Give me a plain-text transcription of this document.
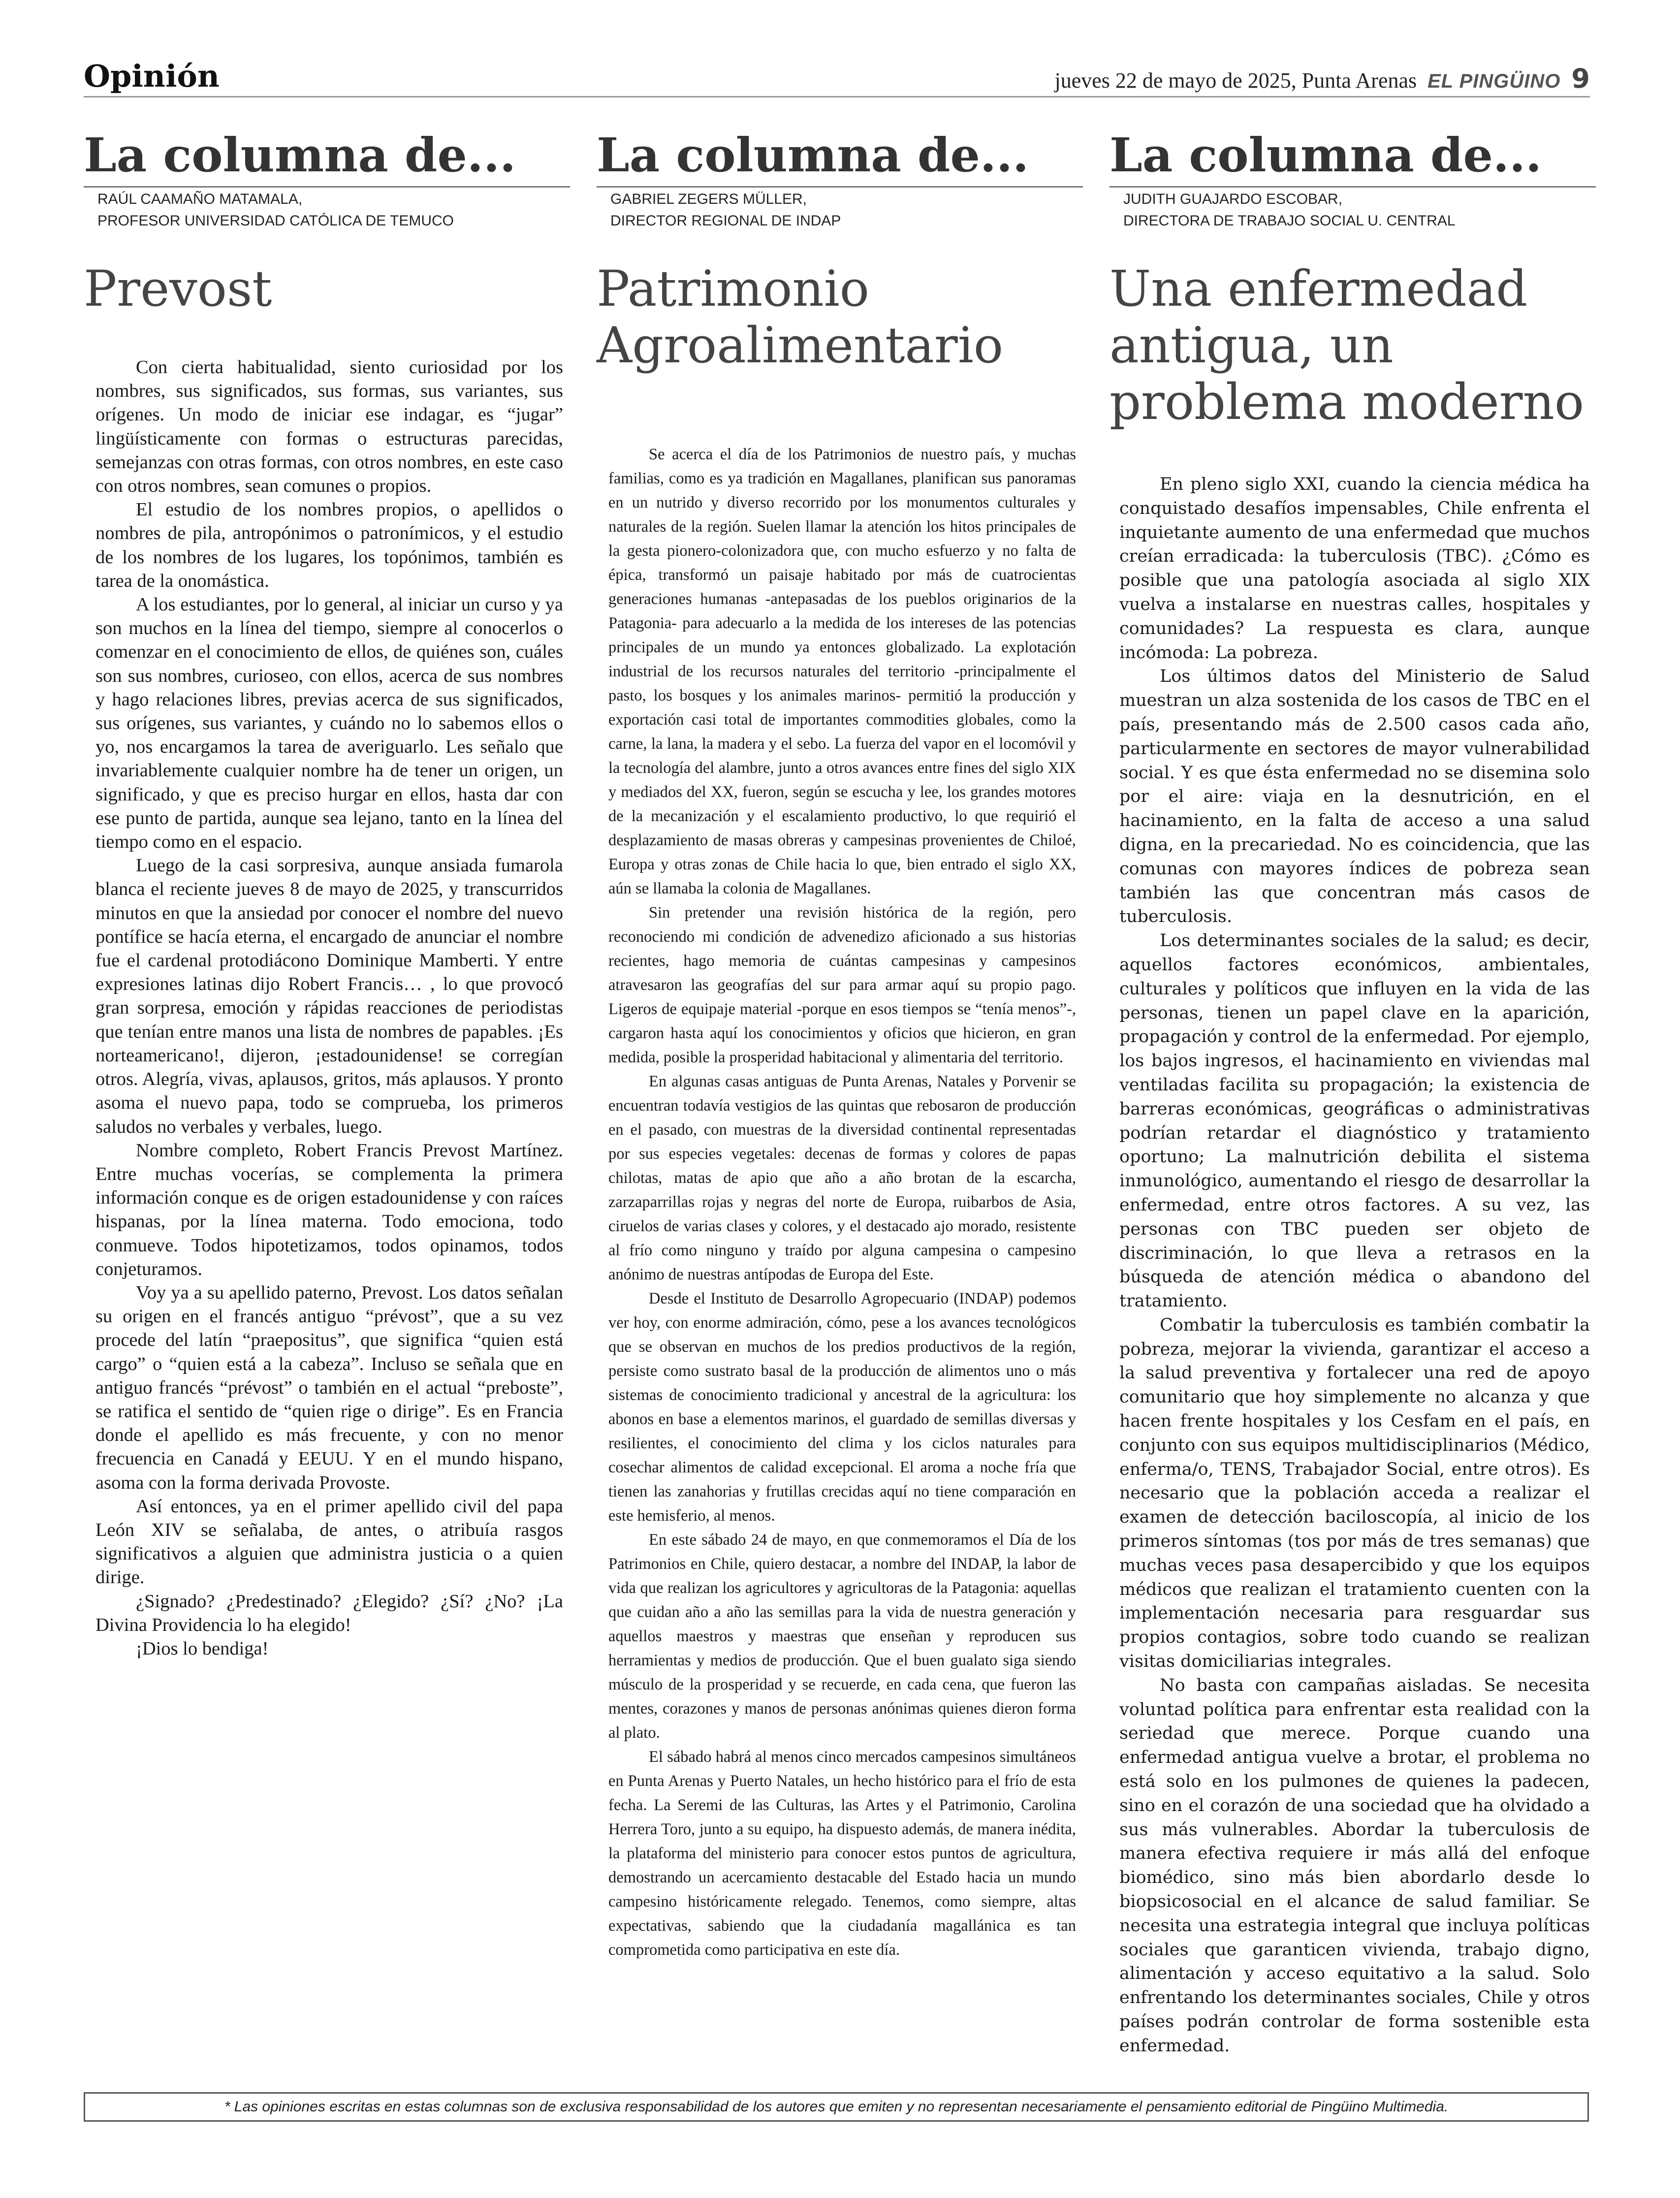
Opinión	jueves 22 de mayo de 2025, Punta Arenas EL PINGÜINO 9
La columna de...
RAÚL CAAMAÑO MATAMALA,
PROFESOR UNIVERSIDAD CATÓLICA DE TEMUCO
Prevost

Con cierta habitualidad, siento curiosidad por los nombres, sus significados, sus formas, sus variantes, sus orígenes. Un modo de iniciar ese indagar, es “jugar” lingüísticamente con formas o estructuras parecidas, semejanzas con otras formas, con otros nombres, en este caso con otros nombres, sean comunes o propios.

El estudio de los nombres propios, o apellidos o nombres de pila, antropónimos o patronímicos, y el estudio de los nombres de los lugares, los topónimos, también es tarea de la onomástica.

A los estudiantes, por lo general, al iniciar un curso y ya son muchos en la línea del tiempo, siempre al conocerlos o comenzar en el conocimiento de ellos, de quiénes son, cuáles son sus nombres, curioseo, con ellos, acerca de sus nombres y hago relaciones libres, previas acerca de sus significados, sus orígenes, sus variantes, y cuándo no lo sabemos ellos o yo, nos encargamos la tarea de averiguarlo. Les señalo que invariablemente cualquier nombre ha de tener un origen, un significado, y que es preciso hurgar en ellos, hasta dar con ese punto de partida, aunque sea lejano, tanto en la línea del tiempo como en el espacio.

Luego de la casi sorpresiva, aunque ansiada fumarola blanca el reciente jueves 8 de mayo de 2025, y transcurridos minutos en que la ansiedad por conocer el nombre del nuevo pontífice se hacía eterna, el encargado de anunciar el nombre fue el cardenal protodiácono Dominique Mamberti. Y entre expresiones latinas dijo Robert Francis… , lo que provocó gran sorpresa, emoción y rápidas reacciones de periodistas que tenían entre manos una lista de nombres de papables. ¡Es norteamericano!, dijeron, ¡estadounidense! se corregían otros. Alegría, vivas, aplausos, gritos, más aplausos. Y pronto asoma el nuevo papa, todo se comprueba, los primeros saludos no verbales y verbales, luego.

Nombre completo, Robert Francis Prevost Martínez. Entre muchas vocerías, se complementa la primera información conque es de origen estadounidense y con raíces hispanas, por la línea materna. Todo emociona, todo conmueve. Todos hipotetizamos, todos opinamos, todos conjeturamos.

Voy ya a su apellido paterno, Prevost. Los datos señalan su origen en el francés antiguo “prévost”, que a su vez procede del latín “praepositus”, que significa “quien está cargo” o “quien está a la cabeza”. Incluso se señala que en antiguo francés “prévost” o también en el actual “preboste”, se ratifica el sentido de “quien rige o dirige”. Es en Francia donde el apellido es más frecuente, y con no menor frecuencia en Canadá y EEUU. Y en el mundo hispano, asoma con la forma derivada Provoste.

Así entonces, ya en el primer apellido civil del papa León XIV se señalaba, de antes, o atribuía rasgos significativos a alguien que administra justicia o a quien dirige.

¿Signado? ¿Predestinado? ¿Elegido? ¿Sí? ¿No? ¡La Divina Providencia lo ha elegido!

¡Dios lo bendiga!

La columna de...
GABRIEL ZEGERS MÜLLER,
DIRECTOR REGIONAL DE INDAP
Patrimonio Agroalimentario

Se acerca el día de los Patrimonios de nuestro país, y muchas familias, como es ya tradición en Magallanes, planifican sus panoramas en un nutrido y diverso recorrido por los monumentos culturales y naturales de la región. Suelen llamar la atención los hitos principales de la gesta pionero-colonizadora que, con mucho esfuerzo y no falta de épica, transformó un paisaje habitado por más de cuatrocientas generaciones humanas -antepasadas de los pueblos originarios de la Patagonia- para adecuarlo a la medida de los intereses de las potencias principales de un mundo ya entonces globalizado. La explotación industrial de los recursos naturales del territorio -principalmente el pasto, los bosques y los animales marinos- permitió la producción y exportación casi total de importantes commodities globales, como la carne, la lana, la madera y el sebo. La fuerza del vapor en el locomóvil y la tecnología del alambre, junto a otros avances entre fines del siglo XIX y mediados del XX, fueron, según se escucha y lee, los grandes motores de la mecanización y el escalamiento productivo, lo que requirió el desplazamiento de masas obreras y campesinas provenientes de Chiloé, Europa y otras zonas de Chile hacia lo que, bien entrado el siglo XX, aún se llamaba la colonia de Magallanes.

Sin pretender una revisión histórica de la región, pero reconociendo mi condición de advenedizo aficionado a sus historias recientes, hago memoria de cuántas campesinas y campesinos atravesaron las geografías del sur para armar aquí su propio pago. Ligeros de equipaje material -porque en esos tiempos se “tenía menos”-, cargaron hasta aquí los conocimientos y oficios que hicieron, en gran medida, posible la prosperidad habitacional y alimentaria del territorio.

En algunas casas antiguas de Punta Arenas, Natales y Porvenir se encuentran todavía vestigios de las quintas que rebosaron de producción en el pasado, con muestras de la diversidad continental representadas por sus especies vegetales: decenas de formas y colores de papas chilotas, matas de apio que año a año brotan de la escarcha, zarzaparrillas rojas y negras del norte de Europa, ruibarbos de Asia, ciruelos de varias clases y colores, y el destacado ajo morado, resistente al frío como ninguno y traído por alguna campesina o campesino anónimo de nuestras antípodas de Europa del Este.

Desde el Instituto de Desarrollo Agropecuario (INDAP) podemos ver hoy, con enorme admiración, cómo, pese a los avances tecnológicos que se observan en muchos de los predios productivos de la región, persiste como sustrato basal de la producción de alimentos uno o más sistemas de conocimiento tradicional y ancestral de la agricultura: los abonos en base a elementos marinos, el guardado de semillas diversas y resilientes, el conocimiento del clima y los ciclos naturales para cosechar alimentos de calidad excepcional. El aroma a noche fría que tienen las zanahorias y frutillas crecidas aquí no tiene comparación en este hemisferio, al menos.

En este sábado 24 de mayo, en que conmemoramos el Día de los Patrimonios en Chile, quiero destacar, a nombre del INDAP, la labor de vida que realizan los agricultores y agricultoras de la Patagonia: aquellas que cuidan año a año las semillas para la vida de nuestra generación y aquellos maestros y maestras que enseñan y reproducen sus herramientas y medios de producción. Que el buen gualato siga siendo músculo de la prosperidad y se recuerde, en cada cena, que fueron las mentes, corazones y manos de personas anónimas quienes dieron forma al plato.

El sábado habrá al menos cinco mercados campesinos simultáneos en Punta Arenas y Puerto Natales, un hecho histórico para el frío de esta fecha. La Seremi de las Culturas, las Artes y el Patrimonio, Carolina Herrera Toro, junto a su equipo, ha dispuesto además, de manera inédita, la plataforma del ministerio para conocer estos puntos de agricultura, demostrando un acercamiento destacable del Estado hacia un mundo campesino históricamente relegado. Tenemos, como siempre, altas expectativas, sabiendo que la ciudadanía magallánica es tan comprometida como participativa en este día.

La columna de...
JUDITH GUAJARDO ESCOBAR,
DIRECTORA DE TRABAJO SOCIAL U. CENTRAL
Una enfermedad antigua, un problema moderno

En pleno siglo XXI, cuando la ciencia médica ha conquistado desafíos impensables, Chile enfrenta el inquietante aumento de una enfermedad que muchos creían erradicada: la tuberculosis (TBC). ¿Cómo es posible que una patología asociada al siglo XIX vuelva a instalarse en nuestras calles, hospitales y comunidades? La respuesta es clara, aunque incómoda: La pobreza.

Los últimos datos del Ministerio de Salud muestran un alza sostenida de los casos de TBC en el país, presentando más de 2.500 casos cada año, particularmente en sectores de mayor vulnerabilidad social. Y es que ésta enfermedad no se disemina solo por el aire: viaja en la desnutrición, en el hacinamiento, en la falta de acceso a una salud digna, en la precariedad. No es coincidencia, que las comunas con mayores índices de pobreza sean también las que concentran más casos de tuberculosis.

Los determinantes sociales de la salud; es decir, aquellos factores económicos, ambientales, culturales y políticos que influyen en la vida de las personas, tienen un papel clave en la aparición, propagación y control de la enfermedad. Por ejemplo, los bajos ingresos, el hacinamiento en viviendas mal ventiladas facilita su propagación; la existencia de barreras económicas, geográficas o administrativas podrían retardar el diagnóstico y tratamiento oportuno; La malnutrición debilita el sistema inmunológico, aumentando el riesgo de desarrollar la enfermedad, entre otros factores. A su vez, las personas con TBC pueden ser objeto de discriminación, lo que lleva a retrasos en la búsqueda de atención médica o abandono del tratamiento.

Combatir la tuberculosis es también combatir la pobreza, mejorar la vivienda, garantizar el acceso a la salud preventiva y fortalecer una red de apoyo comunitario que hoy simplemente no alcanza y que hacen frente hospitales y los Cesfam en el país, en conjunto con sus equipos multidisciplinarios (Médico, enferma/o, TENS, Trabajador Social, entre otros). Es necesario que la población acceda a realizar el examen de detección baciloscopía, al inicio de los primeros síntomas (tos por más de tres semanas) que muchas veces pasa desapercibido y que los equipos médicos que realizan el tratamiento cuenten con la implementación necesaria para resguardar sus propios contagios, sobre todo cuando se realizan visitas domiciliarias integrales.

No basta con campañas aisladas. Se necesita voluntad política para enfrentar esta realidad con la seriedad que merece. Porque cuando una enfermedad antigua vuelve a brotar, el problema no está solo en los pulmones de quienes la padecen, sino en el corazón de una sociedad que ha olvidado a sus más vulnerables. Abordar la tuberculosis de manera efectiva requiere ir más allá del enfoque biomédico, sino más bien abordarlo desde lo biopsicosocial en el alcance de salud familiar. Se necesita una estrategia integral que incluya políticas sociales que garanticen vivienda, trabajo digno, alimentación y acceso equitativo a la salud. Solo enfrentando los determinantes sociales, Chile y otros países podrán controlar de forma sostenible esta enfermedad.

* Las opiniones escritas en estas columnas son de exclusiva responsabilidad de los autores que emiten y no representan necesariamente el pensamiento editorial de Pingüino Multimedia.
